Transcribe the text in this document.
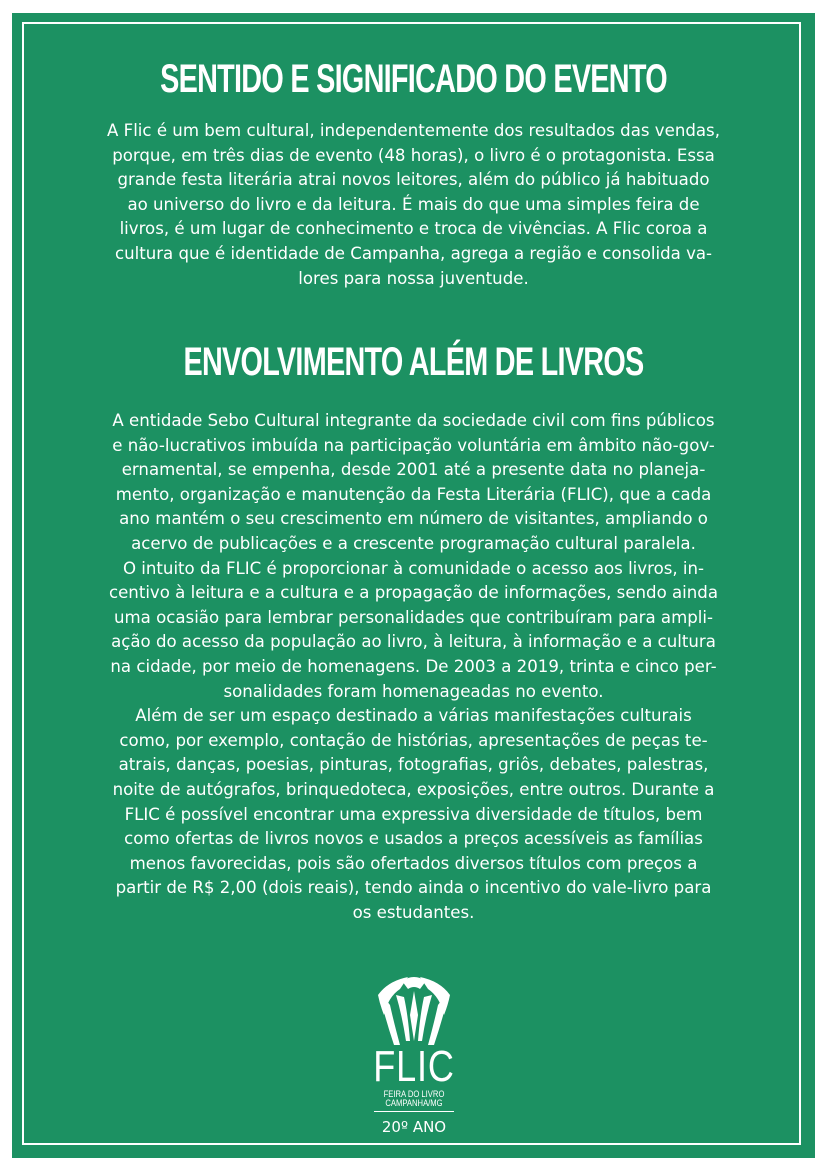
SENTIDO E SIGNIFICADO DO EVENTO
A Flic é um bem cultural, independentemente dos resultados das vendas,
porque, em três dias de evento (48 horas), o livro é o protagonista. Essa
grande festa literária atrai novos leitores, além do público já habituado
ao universo do livro e da leitura. É mais do que uma simples feira de
livros, é um lugar de conhecimento e troca de vivências. A Flic coroa a
cultura que é identidade de Campanha, agrega a região e consolida va-
lores para nossa juventude.
ENVOLVIMENTO ALÉM DE LIVROS
A entidade Sebo Cultural integrante da sociedade civil com fins públicos
e não-lucrativos imbuída na participação voluntária em âmbito não-gov-
ernamental, se empenha, desde 2001 até a presente data no planeja-
mento, organização e manutenção da Festa Literária (FLIC), que a cada
ano mantém o seu crescimento em número de visitantes, ampliando o
acervo de publicações e a crescente programação cultural paralela.
O intuito da FLIC é proporcionar à comunidade o acesso aos livros, in-
centivo à leitura e a cultura e a propagação de informações, sendo ainda
uma ocasião para lembrar personalidades que contribuíram para ampli-
ação do acesso da população ao livro, à leitura, à informação e a cultura
na cidade, por meio de homenagens. De 2003 a 2019, trinta e cinco per-
sonalidades foram homenageadas no evento.
Além de ser um espaço destinado a várias manifestações culturais
como, por exemplo, contação de histórias, apresentações de peças te-
atrais, danças, poesias, pinturas, fotografias, griôs, debates, palestras,
noite de autógrafos, brinquedoteca, exposições, entre outros. Durante a
FLIC é possível encontrar uma expressiva diversidade de títulos, bem
como ofertas de livros novos e usados a preços acessíveis as famílias
menos favorecidas, pois são ofertados diversos títulos com preços a
partir de R$ 2,00 (dois reais), tendo ainda o incentivo do vale-livro para
os estudantes.
FLIC
FEIRA DO LIVRO
CAMPANHA/MG
20º ANO
